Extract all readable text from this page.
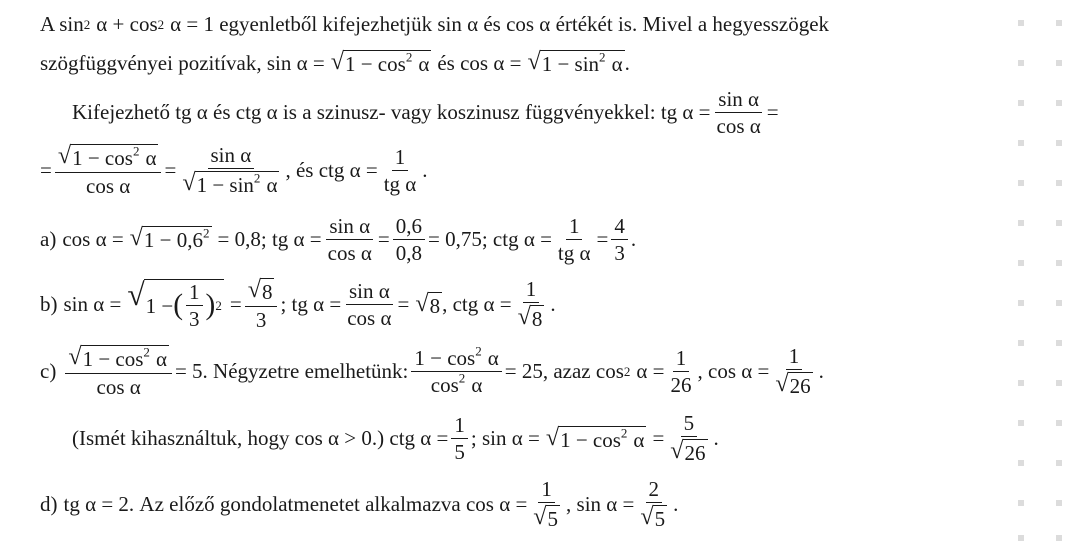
A sin 2 α + cos 2 α = 1 egyenletből kifejezhetjük sin α és cos α értékét is. Mivel a hegyesszögek
szögfüggvényei pozitívak, sin α = √ $1 - \cos^2 \alpha$ és cos α = √ $1 - \sin^2 \alpha$ .
Kifejezhető tg α és ctg α is a szinusz- vagy koszinusz függvényekkel: tg $\alpha = \frac{\text{sin α}}{\text{cos α}}$ =
= $\frac{√ 1 - \cos^2 \alpha}{\text{cos α}} = \frac{\text{sin α}}{√ 1 - \sin^2 \alpha}$ , és ctg $\alpha = \frac{1}{\text{tg α}}$ .
a) cos α = √ $1 - 0,6^2 = 0,8$; tg $\alpha = \frac{\text{sin α}}{\text{cos α}} = \frac{0,6}{0,8} = 0,75$; ctg $\alpha = \frac{1}{\text{tg α}} = \frac{4}{3}$ .
b) sin α = √ 1 − ( $\frac{1}{3}$ ) $2 = \frac{√ 8}{3}$ ; tg $\alpha = \frac{\text{sin α}}{\text{cos α}}$ = √ 8 , ctg $\alpha = \frac{1}{√ 8}$ .
$c) \frac{√ 1 - \cos^2 \alpha}{\text{cos α}} = 5$. Négyzetre emelhetünk: $\frac{1 - \cos^2 \alpha}{\cos^2 \alpha} = 25$, azaz cos 2 $\alpha = \frac{1}{26}$ , $\cos \alpha = \frac{1}{√ 26}$ .
(Ismét kihasználtuk, hogy cos α > 0.) ctg $\alpha = \frac{1}{5}$ ; sin α = √ $1 - \cos^2 \alpha = \frac{5}{√ 26}$ .
d) tg α = 2. Az előző gondolatmenetet alkalmazva $\cos \alpha = \frac{1}{√ 5}$ , $\sin \alpha = \frac{2}{√ 5}$ .
